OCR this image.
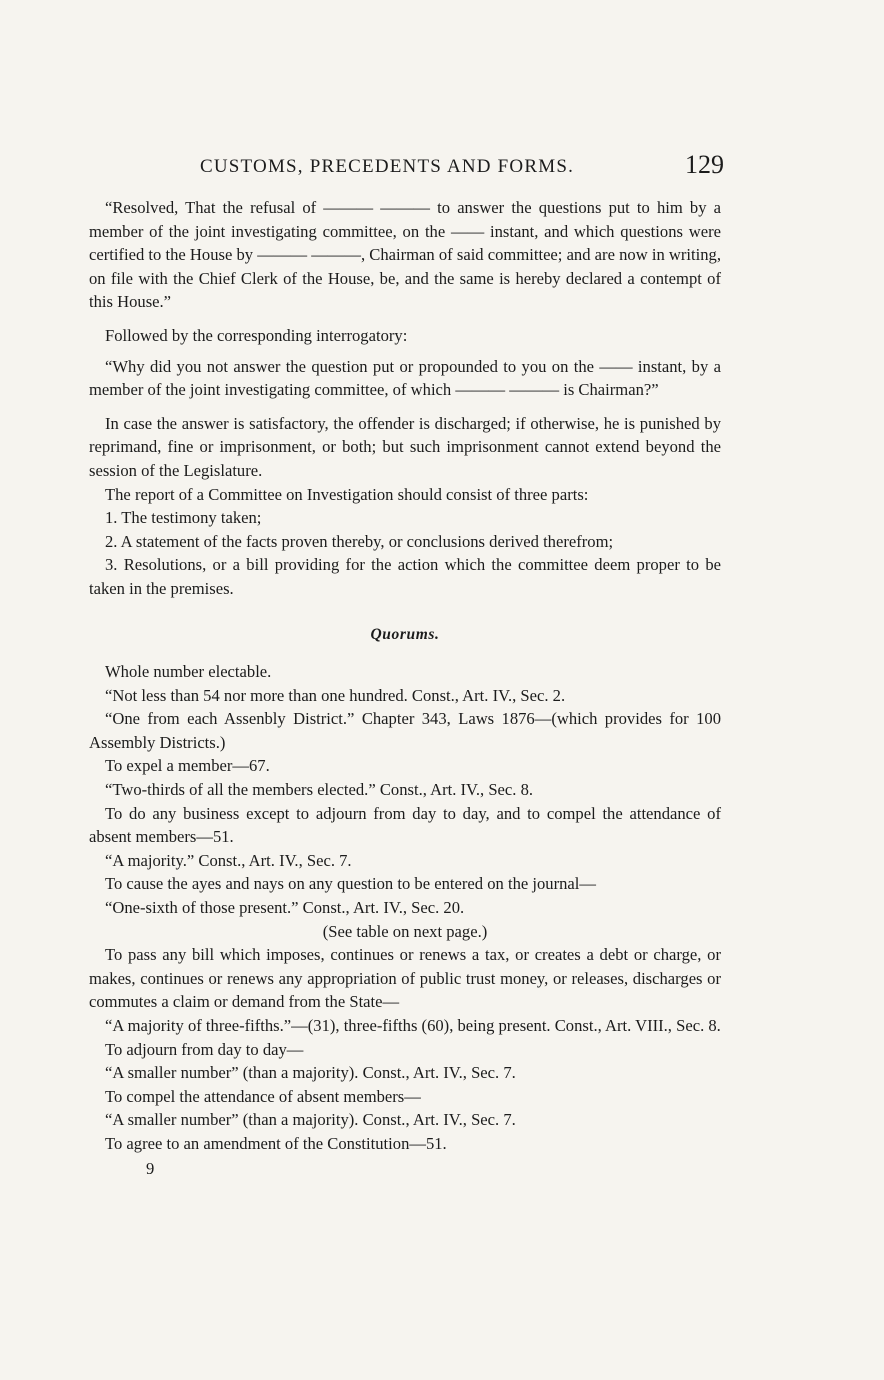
CUSTOMS, PRECEDENTS AND FORMS.	129

“Resolved, That the refusal of ——— ——— to answer the questions put to him by a member of the joint investigating committee, on the —— instant, and which questions were certified to the House by ——— ———, Chairman of said committee; and are now in writing, on file with the Chief Clerk of the House, be, and the same is hereby declared a contempt of this House.”

Followed by the corresponding interrogatory:

“Why did you not answer the question put or propounded to you on the —— instant, by a member of the joint investigating committee, of which ——— ——— is Chairman?”

In case the answer is satisfactory, the offender is discharged; if otherwise, he is punished by reprimand, fine or imprisonment, or both; but such imprisonment cannot extend beyond the session of the Legislature.

The report of a Committee on Investigation should consist of three parts:

1. The testimony taken;

2. A statement of the facts proven thereby, or conclusions derived therefrom;

3. Resolutions, or a bill providing for the action which the committee deem proper to be taken in the premises.

Quorums.

Whole number electable.

“Not less than 54 nor more than one hundred. Const., Art. IV., Sec. 2.

“One from each Assenbly District.” Chapter 343, Laws 1876—(which provides for 100 Assembly Districts.)

To expel a member—67.

“Two-thirds of all the members elected.” Const., Art. IV., Sec. 8.

To do any business except to adjourn from day to day, and to compel the attendance of absent members—51.

“A majority.” Const., Art. IV., Sec. 7.

To cause the ayes and nays on any question to be entered on the journal—

“One-sixth of those present.” Const., Art. IV., Sec. 20.

(See table on next page.)

To pass any bill which imposes, continues or renews a tax, or creates a debt or charge, or makes, continues or renews any appropriation of public trust money, or releases, discharges or commutes a claim or demand from the State—

“A majority of three-fifths.”—(31), three-fifths (60), being present. Const., Art. VIII., Sec. 8.

To adjourn from day to day—

“A smaller number” (than a majority). Const., Art. IV., Sec. 7.

To compel the attendance of absent members—

“A smaller number” (than a majority). Const., Art. IV., Sec. 7.

To agree to an amendment of the Constitution—51.

9
